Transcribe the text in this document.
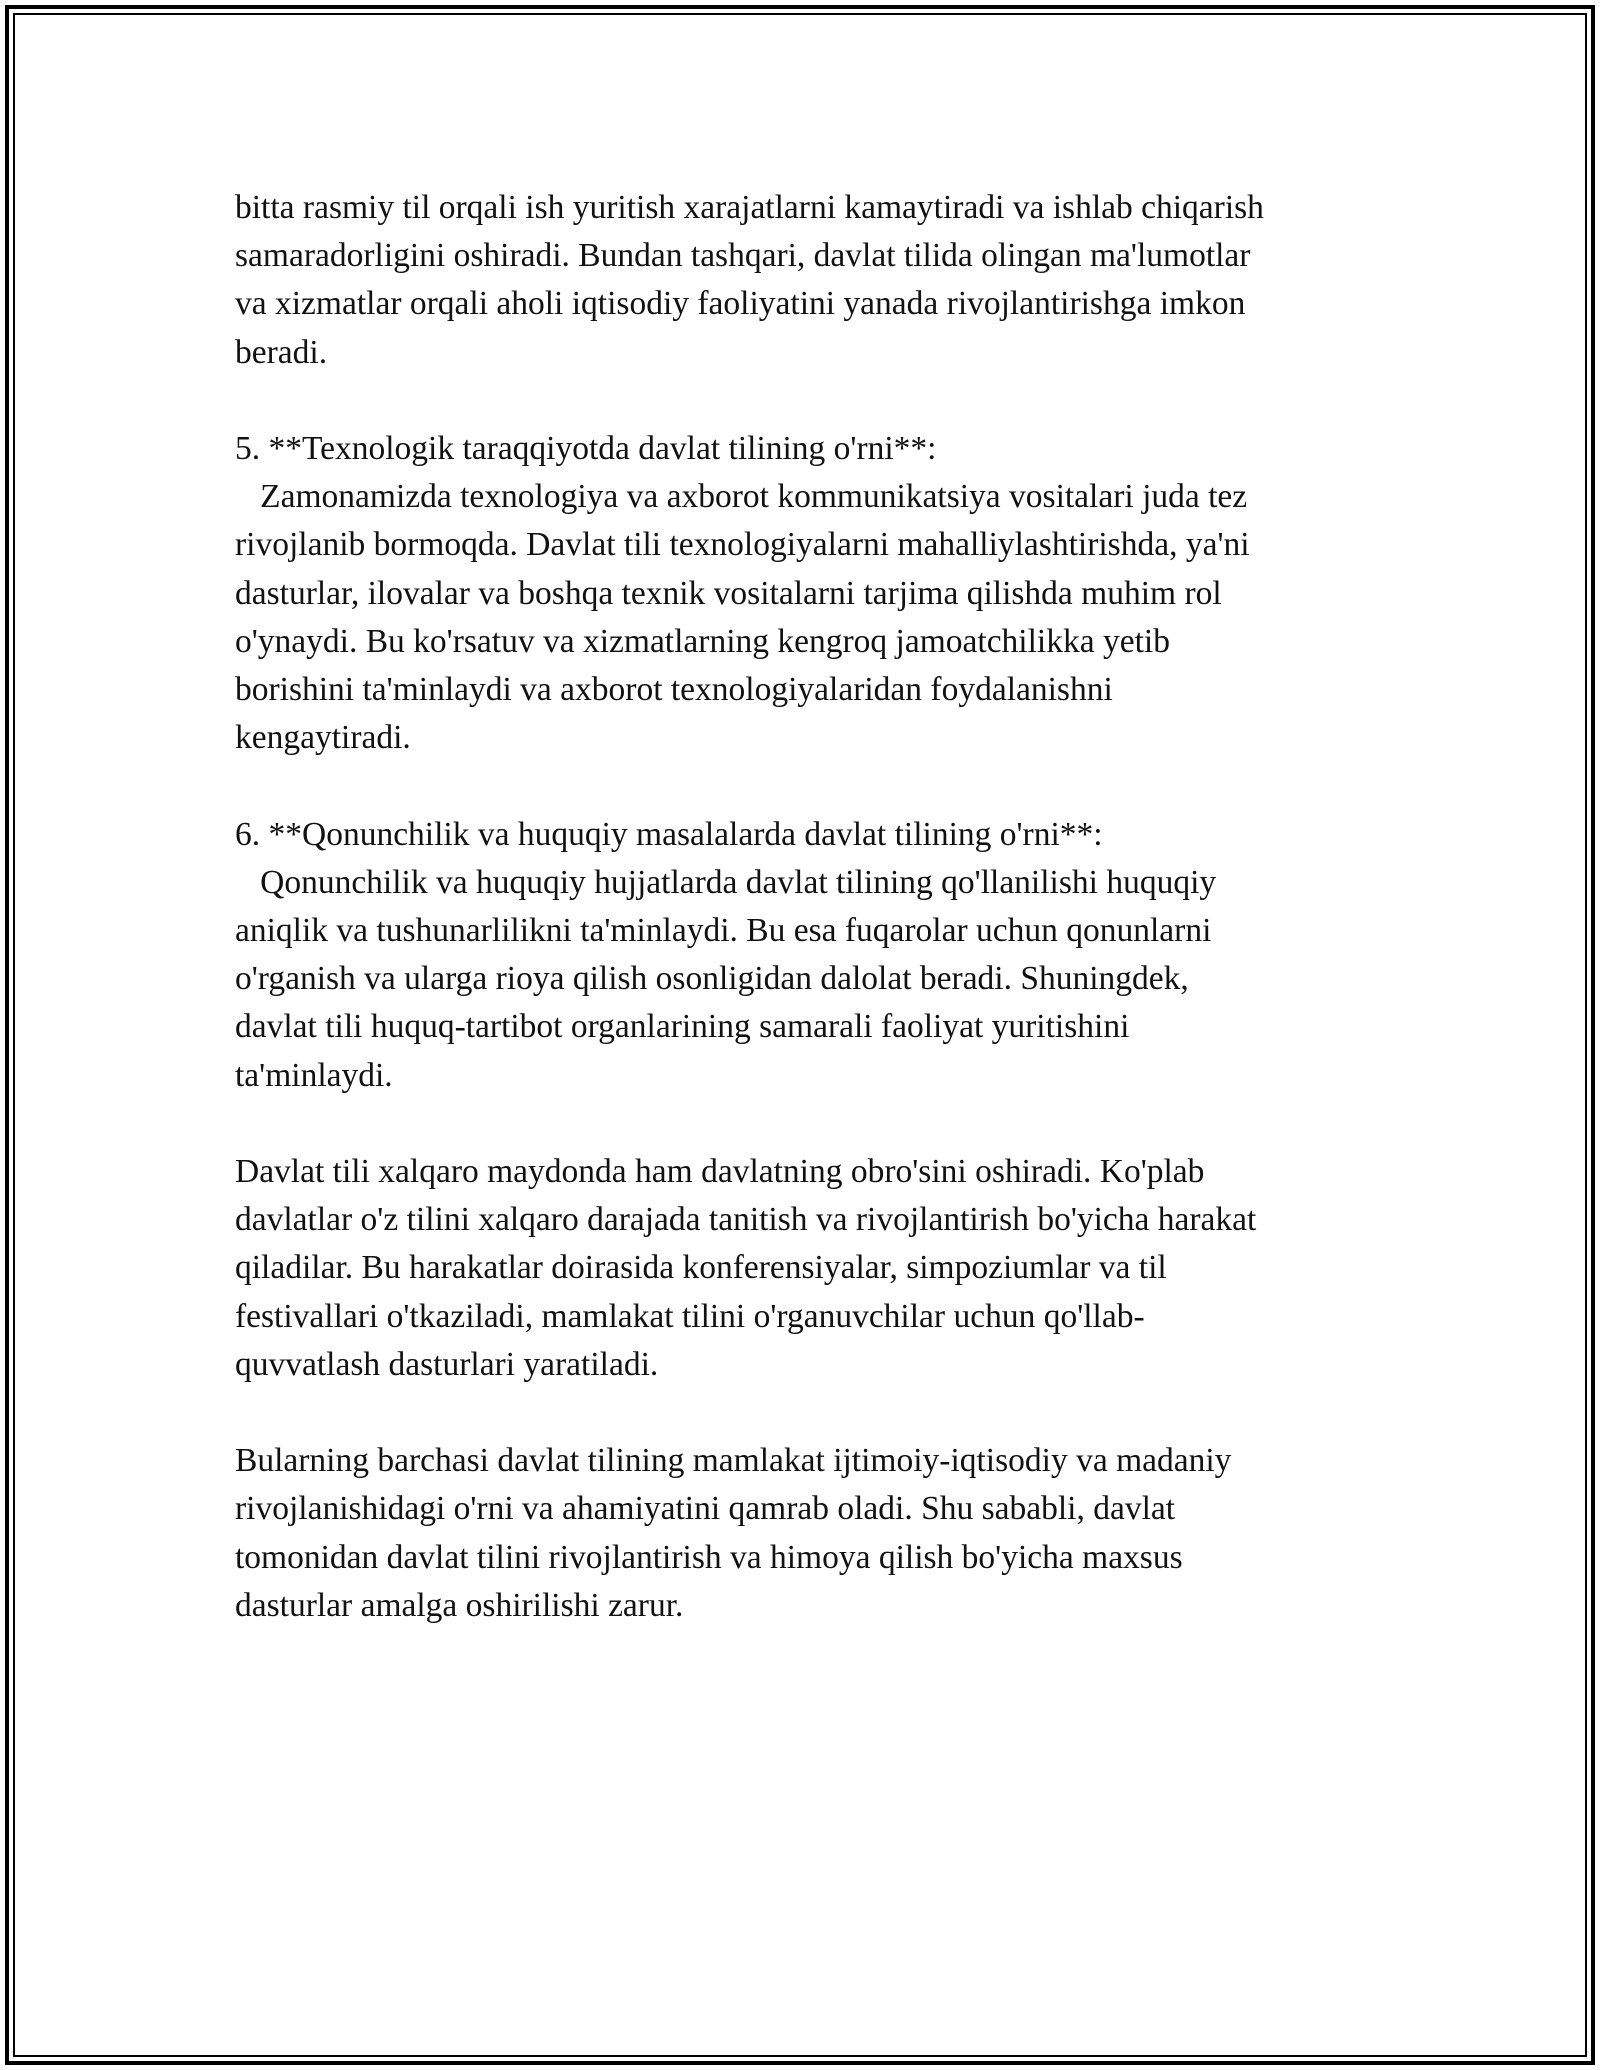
bitta rasmiy til orqali ish yuritish xarajatlarni kamaytiradi va ishlab chiqarish
samaradorligini oshiradi. Bundan tashqari, davlat tilida olingan ma'lumotlar
va xizmatlar orqali aholi iqtisodiy faoliyatini yanada rivojlantirishga imkon
beradi.

5. **Texnologik taraqqiyotda davlat tilining o'rni**:
Zamonamizda texnologiya va axborot kommunikatsiya vositalari juda tez
rivojlanib bormoqda. Davlat tili texnologiyalarni mahalliylashtirishda, ya'ni
dasturlar, ilovalar va boshqa texnik vositalarni tarjima qilishda muhim rol
o'ynaydi. Bu ko'rsatuv va xizmatlarning kengroq jamoatchilikka yetib
borishini ta'minlaydi va axborot texnologiyalaridan foydalanishni
kengaytiradi.

6. **Qonunchilik va huquqiy masalalarda davlat tilining o'rni**:
Qonunchilik va huquqiy hujjatlarda davlat tilining qo'llanilishi huquqiy
aniqlik va tushunarlilikni ta'minlaydi. Bu esa fuqarolar uchun qonunlarni
o'rganish va ularga rioya qilish osonligidan dalolat beradi. Shuningdek,
davlat tili huquq-tartibot organlarining samarali faoliyat yuritishini
ta'minlaydi.

Davlat tili xalqaro maydonda ham davlatning obro'sini oshiradi. Ko'plab
davlatlar o'z tilini xalqaro darajada tanitish va rivojlantirish bo'yicha harakat
qiladilar. Bu harakatlar doirasida konferensiyalar, simpoziumlar va til
festivallari o'tkaziladi, mamlakat tilini o'rganuvchilar uchun qo'llab-
quvvatlash dasturlari yaratiladi.

Bularning barchasi davlat tilining mamlakat ijtimoiy-iqtisodiy va madaniy
rivojlanishidagi o'rni va ahamiyatini qamrab oladi. Shu sababli, davlat
tomonidan davlat tilini rivojlantirish va himoya qilish bo'yicha maxsus
dasturlar amalga oshirilishi zarur.
